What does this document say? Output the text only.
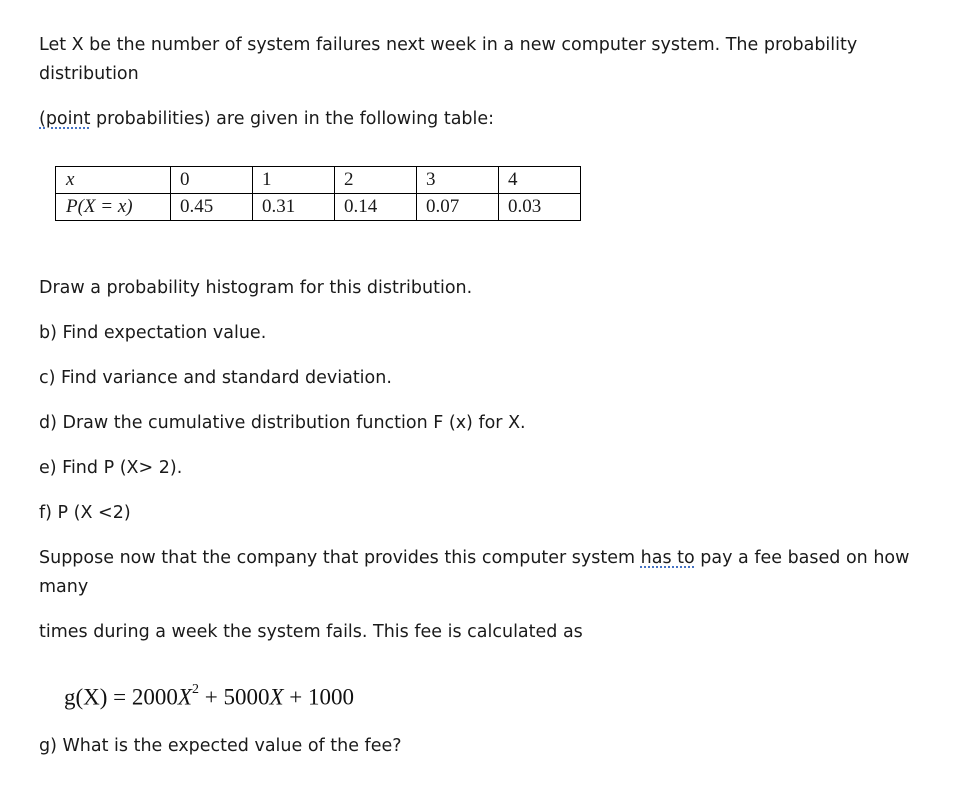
Let X be the number of system failures next week in a new computer system. The probability

distribution

(point probabilities) are given in the following table:

x	0	1	2	3	4
P(X = x)	0.45	0.31	0.14	0.07	0.03

Draw a probability histogram for this distribution.

b) Find expectation value.

c) Find variance and standard deviation.

d) Draw the cumulative distribution function F (x) for X.

e) Find P (X> 2).

f) P (X <2)

Suppose now that the company that provides this computer system has to pay a fee based on how

many

times during a week the system fails. This fee is calculated as

$g(X) = 2000X^2 + 5000X + 1000$

g) What is the expected value of the fee?
